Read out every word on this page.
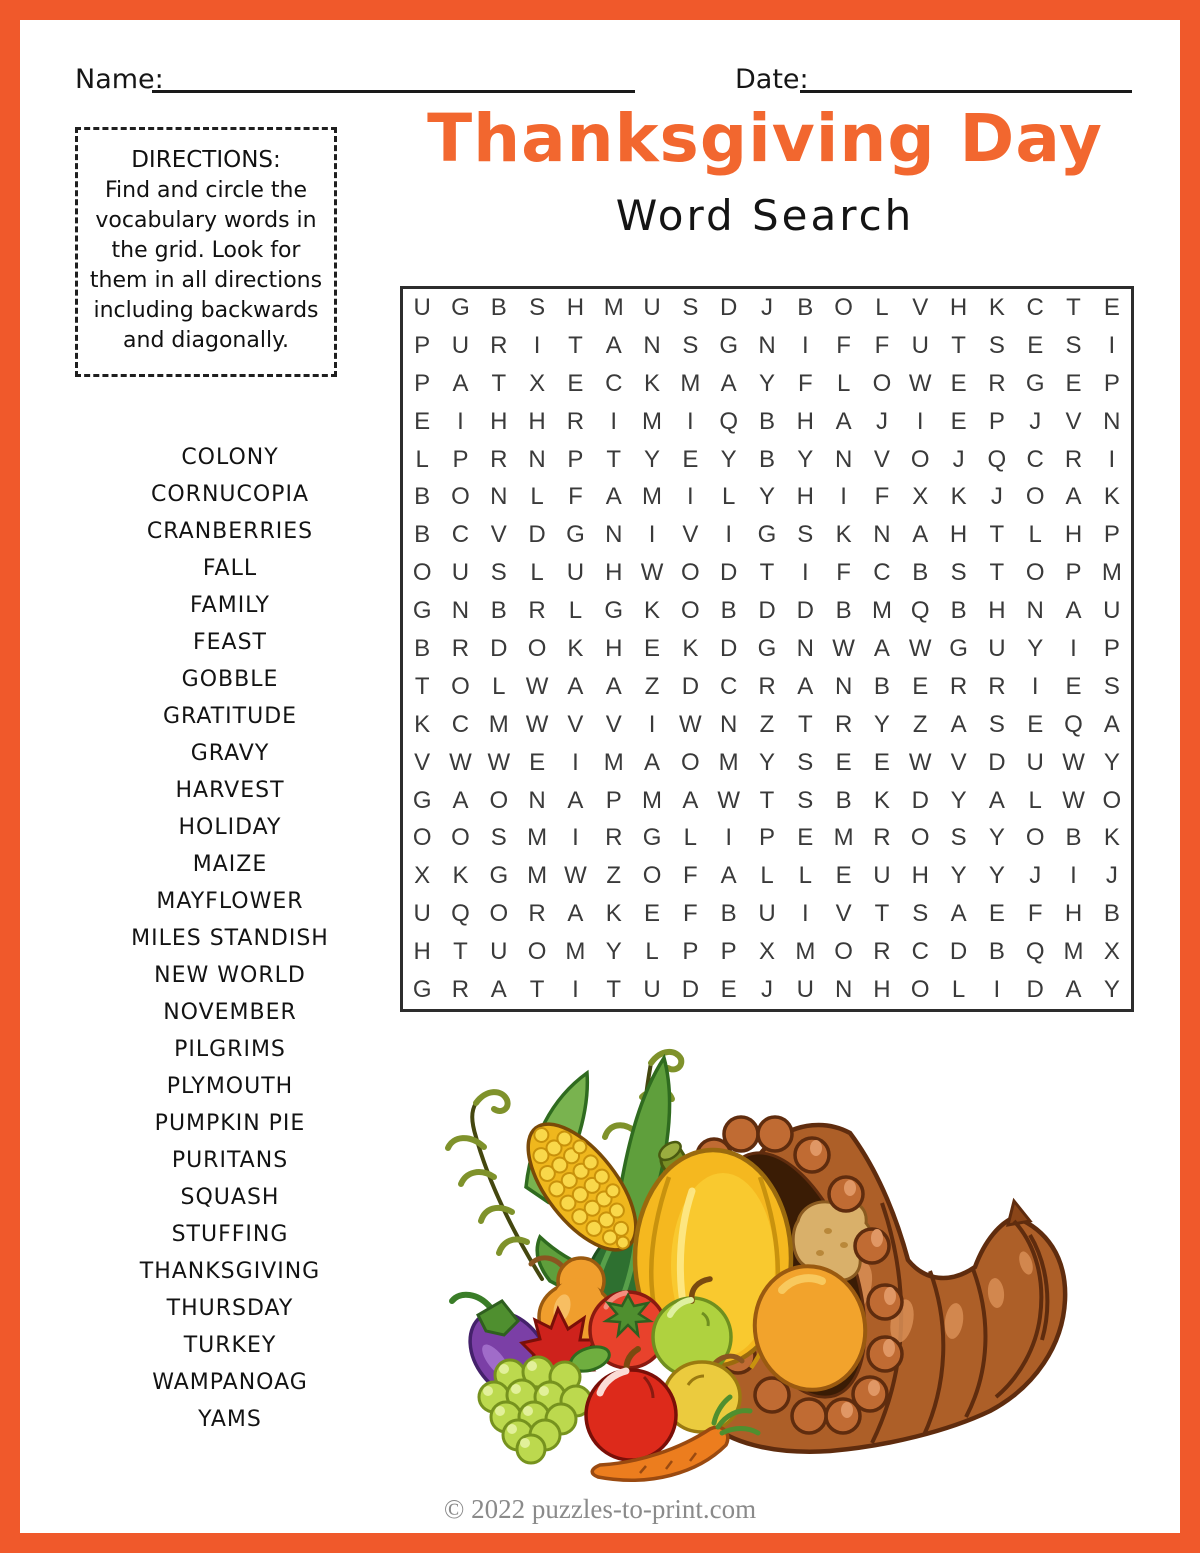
Name:	Date:
DIRECTIONS:
Find and circle the vocabulary words in the grid. Look for them in all directions including backwards and diagonally.
Thanksgiving Day
Word Search
U G B S H M U S D J	B O L V H K C T E
P U R	I	T A N S G N	I	F F U T S E S	I
P A T X E C K M A Y F	L O W E R G E P
E	I	H H R	I	M	I	Q B H A	J	I	E P	J	V N
L P R N P T Y E Y B Y N V O J Q C R	I
B O N L	F A M	I	L Y H	I	F X K	J O A K
B C V D G N	I	V	I	G S K N A H T	L H P
O U S L U H W O D T	I	F C B S T O P M
G N B R L G K O B D D B M Q B H N A U
B R D O K H E K D G N W A W G U Y	I	P
T O L W A A Z D C R A N B E R R	I	E S
K C M W V V	I W N Z T R Y Z A S E Q A
V W W E	I	M A O M Y S E E W V D U W Y
G A O N A P M A W T S B K D Y A L W O
O O S M	I	R G L	I	P E M R O S Y O B K
X K G M W Z O F A L	L E U H Y Y	J	I	J
U Q O R A K E F B U	I	V T S A E F H B
H T U O M Y L P P X M O R C D B Q M X
G R A T	I	T U D E	J U N H O L	I	D A Y
COLONY
CORNUCOPIA
CRANBERRIES
FALL
FAMILY
FEAST
GOBBLE
GRATITUDE
GRAVY
HARVEST
HOLIDAY
MAIZE
MAYFLOWER
MILES STANDISH
NEW WORLD
NOVEMBER
PILGRIMS
PLYMOUTH
PUMPKIN PIE
PURITANS
SQUASH
STUFFING
THANKSGIVING
THURSDAY
TURKEY
WAMPANOAG
YAMS
© 2022 puzzles-to-print.com
